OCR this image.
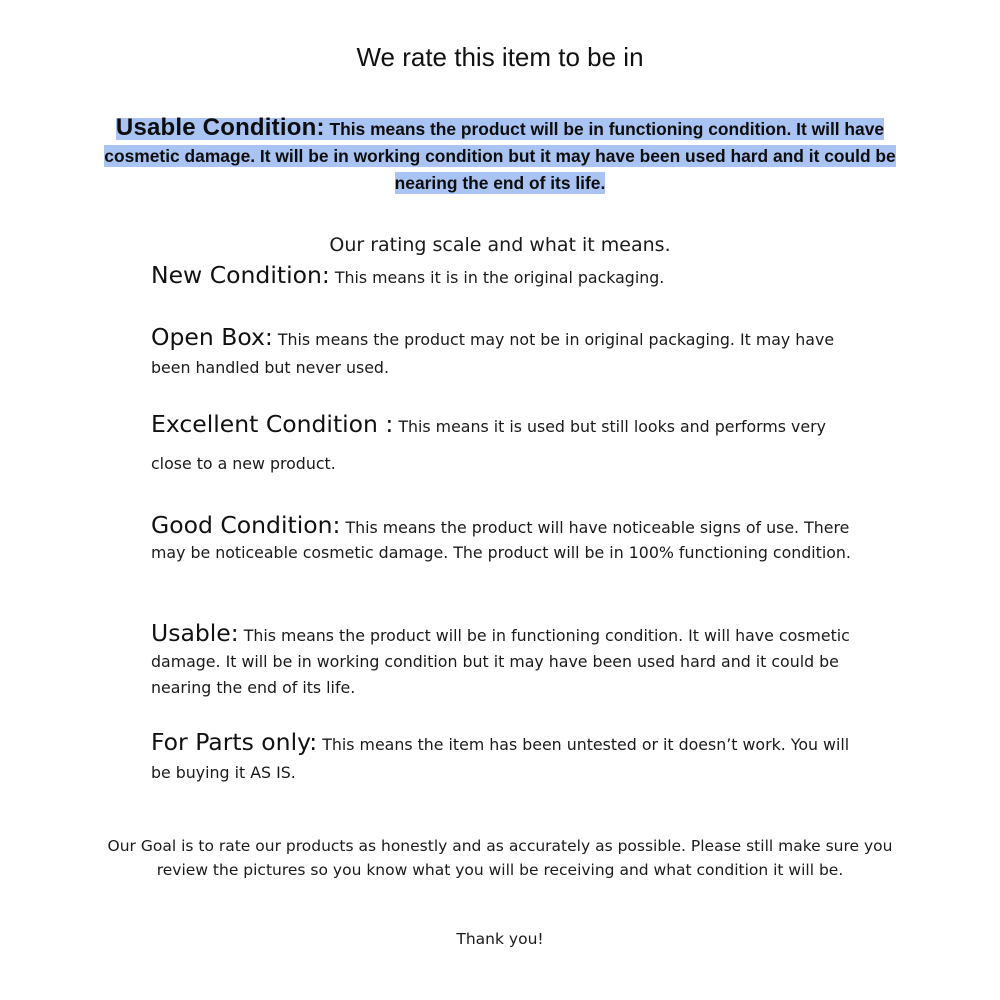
We rate this item to be in
Usable Condition: This means the product will be in functioning condition. It will have cosmetic damage. It will be in working condition but it may have been used hard and it could be nearing the end of its life.
Our rating scale and what it means.
New Condition: This means it is in the original packaging.
Open Box: This means the product may not be in original packaging. It may have been handled but never used.
Excellent Condition : This means it is used but still looks and performs very close to a new product.
Good Condition: This means the product will have noticeable signs of use. There may be noticeable cosmetic damage. The product will be in 100% functioning condition.
Usable: This means the product will be in functioning condition. It will have cosmetic damage. It will be in working condition but it may have been used hard and it could be nearing the end of its life.
For Parts only: This means the item has been untested or it doesn’t work. You will be buying it AS IS.
Our Goal is to rate our products as honestly and as accurately as possible. Please still make sure you review the pictures so you know what you will be receiving and what condition it will be.
Thank you!
